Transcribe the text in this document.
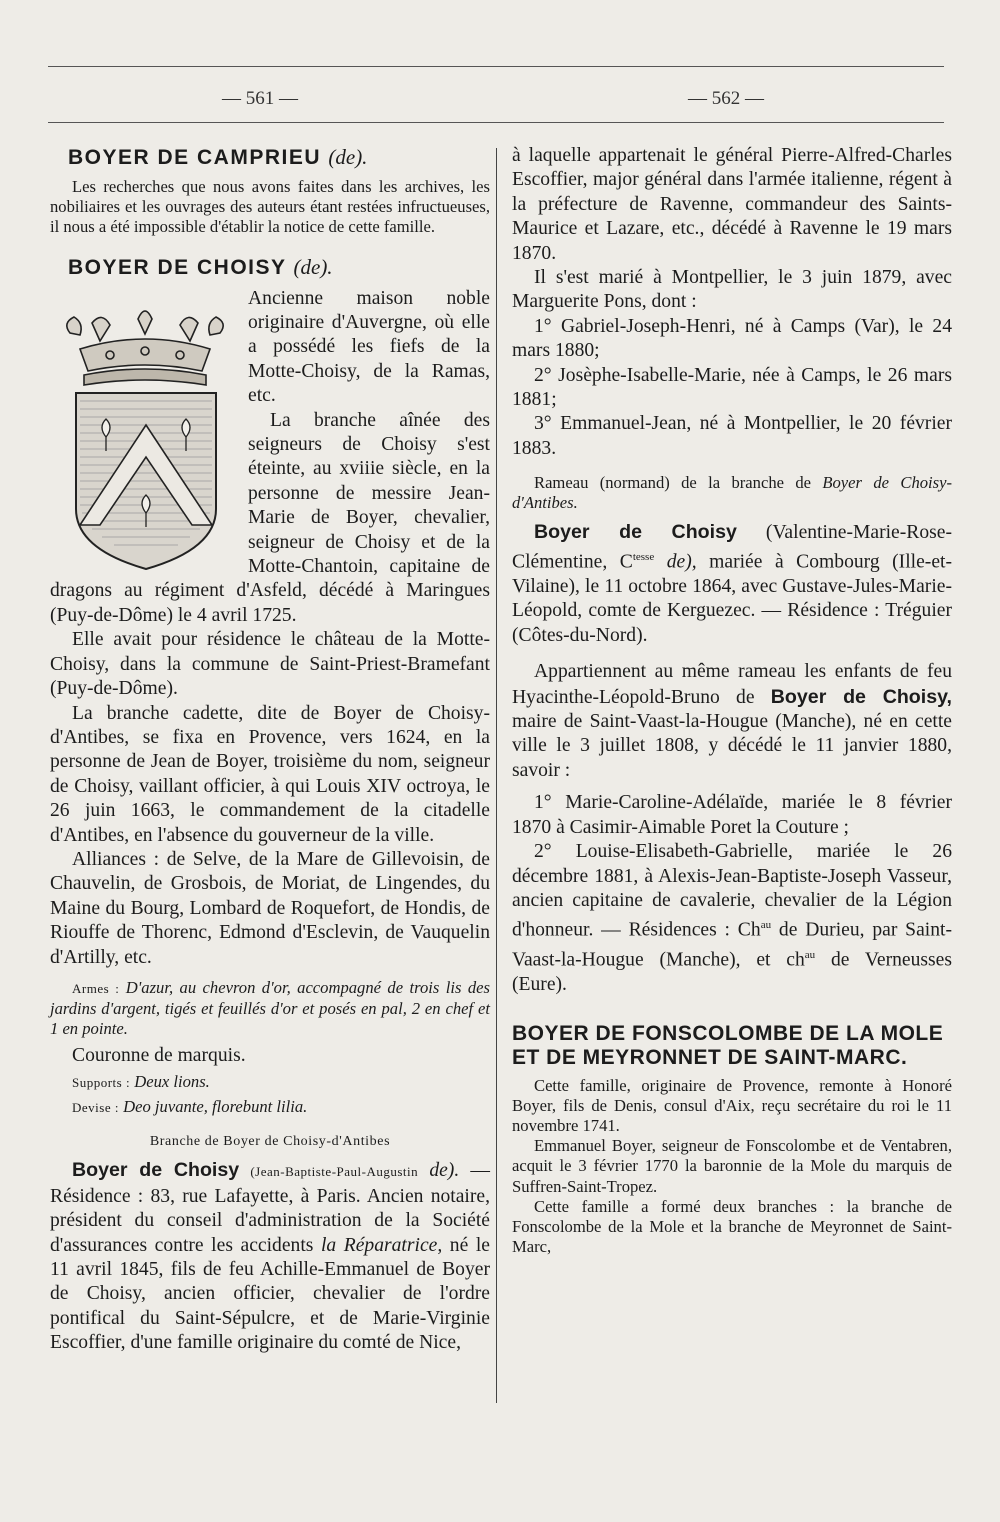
— 561 —	— 562 —
BOYER DE CAMPRIEU (de).

Les recherches que nous avons faites dans les archives, les nobiliaires et les ouvrages des auteurs étant restées infructueuses, il nous a été impossible d'établir la notice de cette famille.

BOYER DE CHOISY (de).

Ancienne maison noble originaire d'Auvergne, où elle a possédé les fiefs de la Motte-Choisy, de la Ramas, etc.

La branche aînée des seigneurs de Choisy s'est éteinte, au xviiie siècle, en la personne de messire Jean-Marie de Boyer, chevalier, seigneur de Choisy et de la Motte-Chantoin, capitaine de dragons au régiment d'Asfeld, décédé à Maringues (Puy-de-Dôme) le 4 avril 1725.

Elle avait pour résidence le château de la Motte-Choisy, dans la commune de Saint-Priest-Bramefant (Puy-de-Dôme).

La branche cadette, dite de Boyer de Choisy-d'Antibes, se fixa en Provence, vers 1624, en la personne de Jean de Boyer, troisième du nom, seigneur de Choisy, vaillant officier, à qui Louis XIV octroya, le 26 juin 1663, le commandement de la citadelle d'Antibes, en l'absence du gouverneur de la ville.

Alliances : de Selve, de la Mare de Gillevoisin, de Chauvelin, de Grosbois, de Moriat, de Lingendes, du Maine du Bourg, Lombard de Roquefort, de Hondis, de Riouffe de Thorenc, Edmond d'Esclevin, de Vauquelin d'Artilly, etc.

Armes : D'azur, au chevron d'or, accompagné de trois lis des jardins d'argent, tigés et feuillés d'or et posés en pal, 2 en chef et 1 en pointe.

Couronne de marquis.

Supports : Deux lions.

Devise : Deo juvante, florebunt lilia.

Branche de Boyer de Choisy-d'Antibes

Boyer de Choisy (Jean-Baptiste-Paul-Augustin de). — Résidence : 83, rue Lafayette, à Paris. Ancien notaire, président du conseil d'administration de la Société d'assurances contre les accidents la Réparatrice, né le 11 avril 1845, fils de feu Achille-Emmanuel de Boyer de Choisy, ancien officier, chevalier de l'ordre pontifical du Saint-Sépulcre, et de Marie-Virginie Escoffier, d'une famille originaire du comté de Nice,

à laquelle appartenait le général Pierre-Alfred-Charles Escoffier, major général dans l'armée italienne, régent à la préfecture de Ravenne, commandeur des Saints-Maurice et Lazare, etc., décédé à Ravenne le 19 mars 1870.

Il s'est marié à Montpellier, le 3 juin 1879, avec Marguerite Pons, dont :

1° Gabriel-Joseph-Henri, né à Camps (Var), le 24 mars 1880;

2° Josèphe-Isabelle-Marie, née à Camps, le 26 mars 1881;

3° Emmanuel-Jean, né à Montpellier, le 20 février 1883.

Rameau (normand) de la branche de Boyer de Choisy-d'Antibes.

Boyer de Choisy (Valentine-Marie-Rose-Clémentine, $C^{tesse}$ de), mariée à Combourg (Ille-et-Vilaine), le 11 octobre 1864, avec Gustave-Jules-Marie-Léopold, comte de Kerguezec. — Résidence : Tréguier (Côtes-du-Nord).

Appartiennent au même rameau les enfants de feu Hyacinthe-Léopold-Bruno de Boyer de Choisy, maire de Saint-Vaast-la-Hougue (Manche), né en cette ville le 3 juillet 1808, y décédé le 11 janvier 1880, savoir :

1° Marie-Caroline-Adélaïde, mariée le 8 février 1870 à Casimir-Aimable Poret la Couture ;

2° Louise-Elisabeth-Gabrielle, mariée le 26 décembre 1881, à Alexis-Jean-Baptiste-Joseph Vasseur, ancien capitaine de cavalerie, chevalier de la Légion d'honneur. — Résidences : $Ch^{au}$ de Durieu, par Saint-Vaast-la-Hougue (Manche), et $ch^{au}$ de Verneusses (Eure).

BOYER DE FONSCOLOMBE DE LA MOLE ET DE MEYRONNET DE SAINT-MARC.

Cette famille, originaire de Provence, remonte à Honoré Boyer, fils de Denis, consul d'Aix, reçu secrétaire du roi le 11 novembre 1741.

Emmanuel Boyer, seigneur de Fonscolombe et de Ventabren, acquit le 3 février 1770 la baronnie de la Mole du marquis de Suffren-Saint-Tropez.

Cette famille a formé deux branches : la branche de Fonscolombe de la Mole et la branche de Meyronnet de Saint-Marc,
